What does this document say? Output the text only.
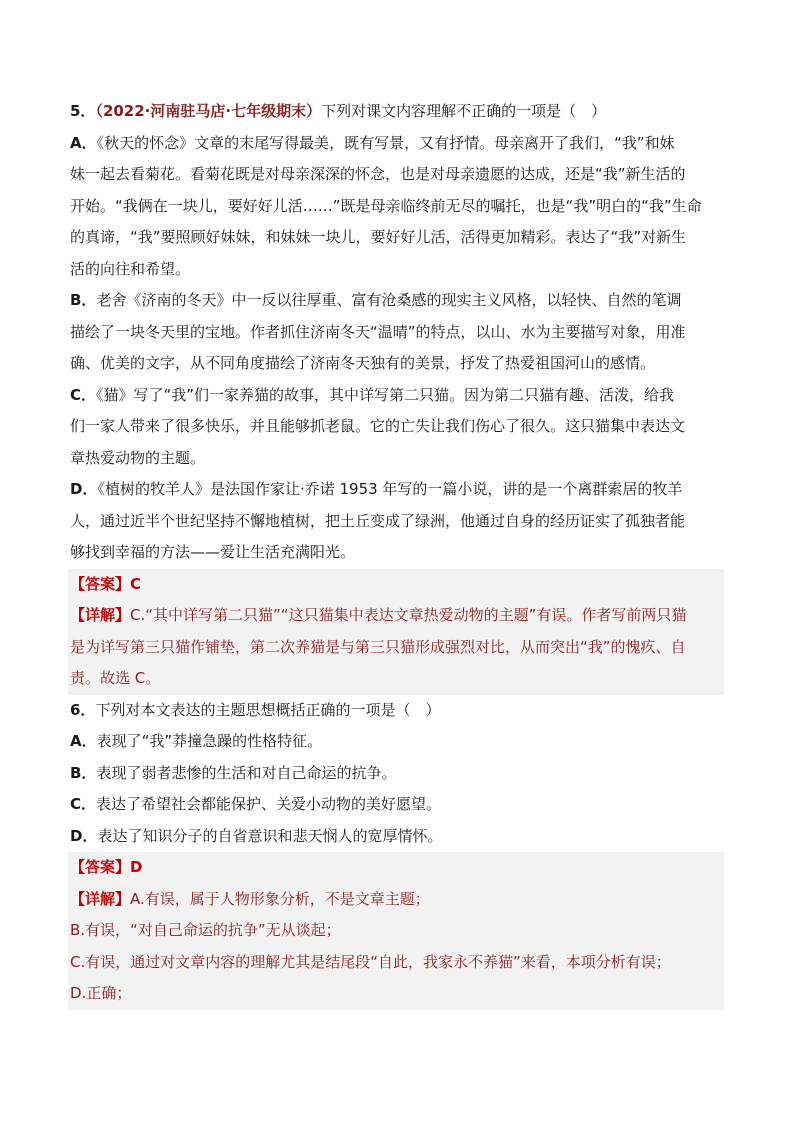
5．（2022·河南驻马店·七年级期末）下列对课文内容理解不正确的一项是（　）

A．《秋天的怀念》文章的末尾写得最美，既有写景，又有抒情。母亲离开了我们，“我”和妹

妹一起去看菊花。看菊花既是对母亲深深的怀念，也是对母亲遗愿的达成，还是“我”新生活的

开始。“我俩在一块儿，要好好儿活……”既是母亲临终前无尽的嘱托，也是“我”明白的“我”生命

的真谛，“我”要照顾好妹妹，和妹妹一块儿，要好好儿活，活得更加精彩。表达了“我”对新生

活的向往和希望。

B．老舍《济南的冬天》中一反以往厚重、富有沧桑感的现实主义风格，以轻快、自然的笔调

描绘了一块冬天里的宝地。作者抓住济南冬天“温晴”的特点，以山、水为主要描写对象，用准

确、优美的文字，从不同角度描绘了济南冬天独有的美景，抒发了热爱祖国河山的感情。

C．《猫》写了“我”们一家养猫的故事，其中详写第二只猫。因为第二只猫有趣、活泼，给我

们一家人带来了很多快乐，并且能够抓老鼠。它的亡失让我们伤心了很久。这只猫集中表达文

章热爱动物的主题。

D．《植树的牧羊人》是法国作家让·乔诺 1953 年写的一篇小说，讲的是一个离群索居的牧羊

人，通过近半个世纪坚持不懈地植树，把土丘变成了绿洲，他通过自身的经历证实了孤独者能

够找到幸福的方法——爱让生活充满阳光。

【答案】C

【详解】C.“其中详写第二只猫”“这只猫集中表达文章热爱动物的主题”有误。作者写前两只猫

是为详写第三只猫作铺垫，第二次养猫是与第三只猫形成强烈对比，从而突出“我”的愧疚、自

责。故选 C。

6．下列对本文表达的主题思想概括正确的一项是（　）

A．表现了“我”莽撞急躁的性格特征。

B．表现了弱者悲惨的生活和对自己命运的抗争。

C．表达了希望社会都能保护、关爱小动物的美好愿望。

D．表达了知识分子的自省意识和悲天悯人的宽厚情怀。

【答案】D

【详解】A.有误，属于人物形象分析，不是文章主题；

B.有误，“对自己命运的抗争”无从谈起；

C.有误，通过对文章内容的理解尤其是结尾段“自此，我家永不养猫”来看，本项分析有误；

D.正确；
